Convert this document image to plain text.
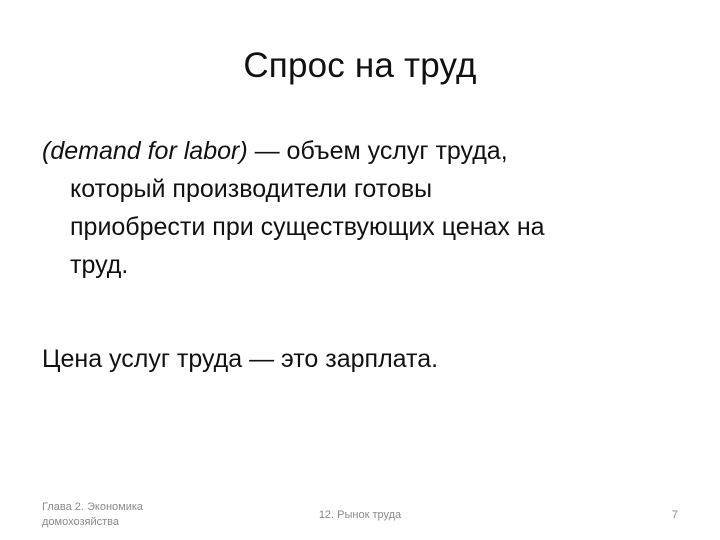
Спрос на труд
(demand for labor) — объем услуг труда,
который производители готовы
приобрести при существующих ценах на
труд.
Цена услуг труда — это зарплата.
Глава 2. Экономика
домохозяйства
12. Рынок труда	7
